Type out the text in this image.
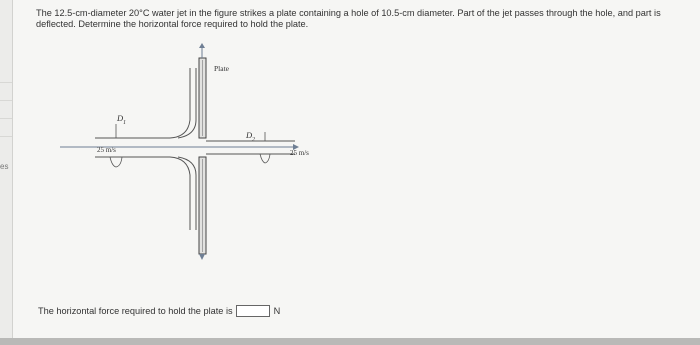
es
The 12.5-cm-diameter 20°C water jet in the figure strikes a plate containing a hole of 10.5-cm diameter. Part of the jet passes through the hole, and part is deflected. Determine the horizontal force required to hold the plate.
Plate
D 1
D 2
25 m/s	25 m/s
The horizontal force required to hold the plate is	N
